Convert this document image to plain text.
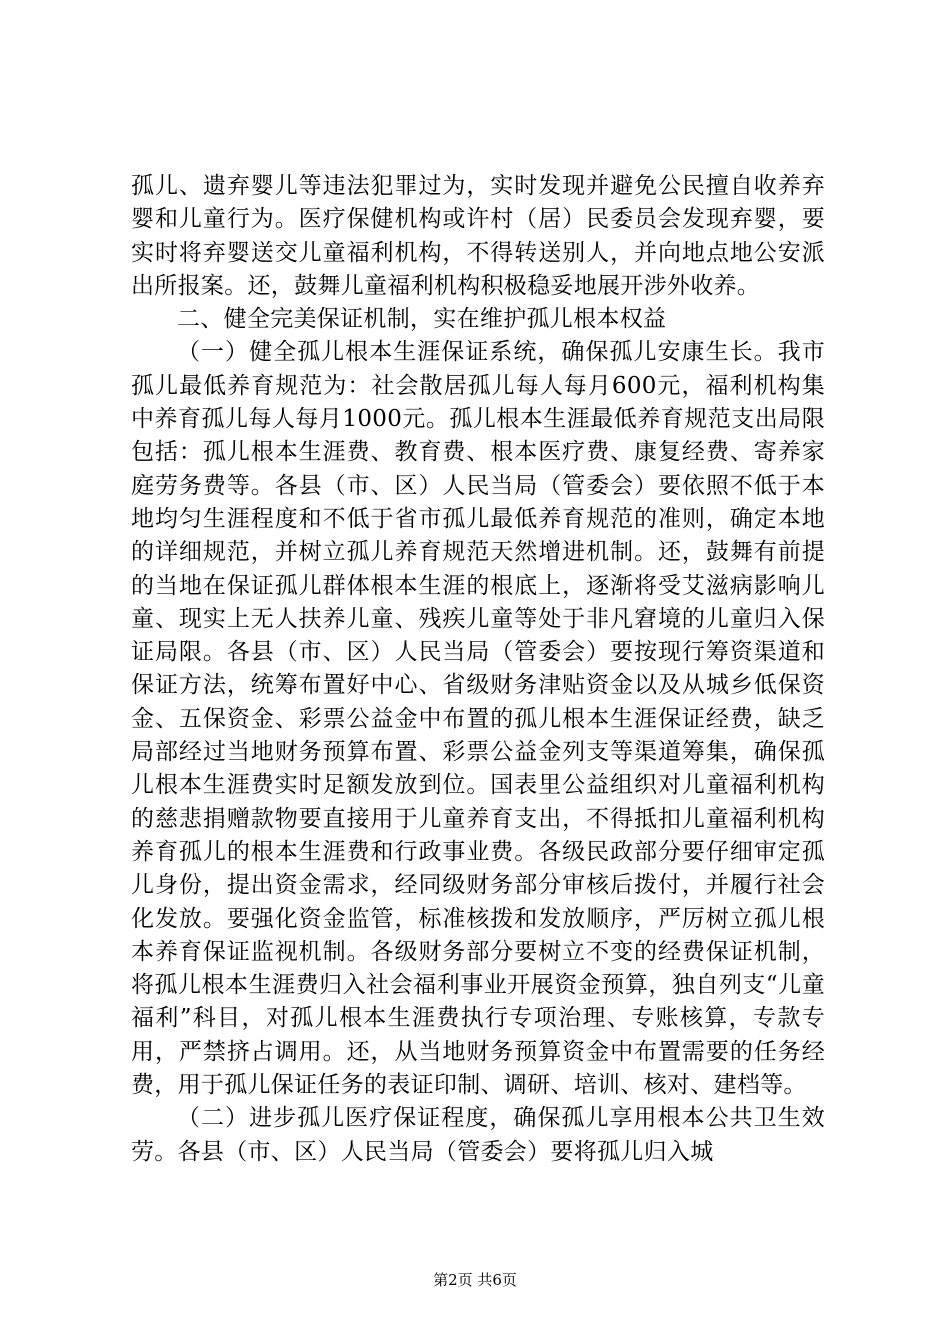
孤儿、遗弃婴儿等违法犯罪过为，实时发现并避免公民擅自收养弃婴和儿童行为。医疗保健机构或许村（居）民委员会发现弃婴，要实时将弃婴送交儿童福利机构，不得转送别人，并向地点地公安派出所报案。还，鼓舞儿童福利机构积极稳妥地展开涉外收养。

二、健全完美保证机制，实在维护孤儿根本权益

（一）健全孤儿根本生涯保证系统，确保孤儿安康生长。我市孤儿最低养育规范为：社会散居孤儿每人每月600元，福利机构集中养育孤儿每人每月1000元。孤儿根本生涯最低养育规范支出局限包括：孤儿根本生涯费、教育费、根本医疗费、康复经费、寄养家庭劳务费等。各县（市、区）人民当局（管委会）要依照不低于本地均匀生涯程度和不低于省市孤儿最低养育规范的准则，确定本地的详细规范，并树立孤儿养育规范天然增进机制。还，鼓舞有前提的当地在保证孤儿群体根本生涯的根底上，逐渐将受艾滋病影响儿童、现实上无人扶养儿童、残疾儿童等处于非凡窘境的儿童归入保证局限。各县（市、区）人民当局（管委会）要按现行筹资渠道和保证方法，统筹布置好中心、省级财务津贴资金以及从城乡低保资金、五保资金、彩票公益金中布置的孤儿根本生涯保证经费，缺乏局部经过当地财务预算布置、彩票公益金列支等渠道筹集，确保孤儿根本生涯费实时足额发放到位。国表里公益组织对儿童福利机构的慈悲捐赠款物要直接用于儿童养育支出，不得抵扣儿童福利机构养育孤儿的根本生涯费和行政事业费。各级民政部分要仔细审定孤儿身份，提出资金需求，经同级财务部分审核后拨付，并履行社会化发放。要强化资金监管，标准核拨和发放顺序，严厉树立孤儿根本养育保证监视机制。各级财务部分要树立不变的经费保证机制，将孤儿根本生涯费归入社会福利事业开展资金预算，独自列支“儿童福利”科目，对孤儿根本生涯费执行专项治理、专账核算，专款专用，严禁挤占调用。还，从当地财务预算资金中布置需要的任务经费，用于孤儿保证任务的表证印制、调研、培训、核对、建档等。

（二）进步孤儿医疗保证程度，确保孤儿享用根本公共卫生效劳。各县（市、区）人民当局（管委会）要将孤儿归入城

第2页 共6页
